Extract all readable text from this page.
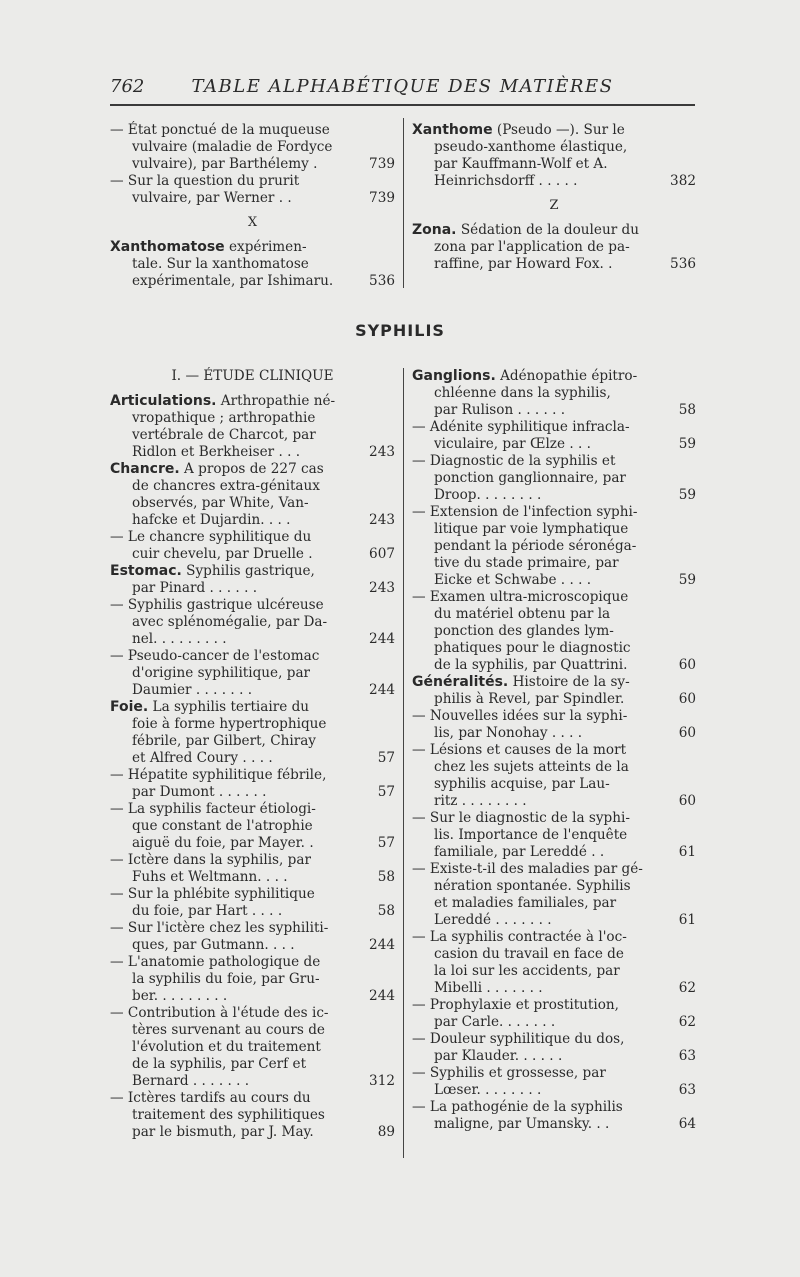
762	TABLE ALPHABÉTIQUE DES MATIÈRES
— État ponctué de la muqueuse
vulvaire (maladie de Fordyce
vulvaire), par Barthélemy .	739
— Sur la question du prurit
vulvaire, par Werner . .	739
X
Xanthomatose expérimen-
tale. Sur la xanthomatose
expérimentale, par Ishimaru.	536
Xanthome (Pseudo —). Sur le
pseudo-xanthome élastique,
par Kauffmann-Wolf et A.
Heinrichsdorff . . . . .	382
Z
Zona. Sédation de la douleur du
zona par l'application de pa-
raffine, par Howard Fox. .	536
SYPHILIS
I. — ÉTUDE CLINIQUE
Articulations. Arthropathie né-
vropathique ; arthropathie
vertébrale de Charcot, par
Ridlon et Berkheiser . . .	243
Chancre. A propos de 227 cas
de chancres extra-génitaux
observés, par White, Van-
hafcke et Dujardin. . . .	243
— Le chancre syphilitique du
cuir chevelu, par Druelle .	607
Estomac. Syphilis gastrique,
par Pinard . . . . . .	243
— Syphilis gastrique ulcéreuse
avec splénomégalie, par Da-
nel. . . . . . . . .	244
— Pseudo-cancer de l'estomac
d'origine syphilitique, par
Daumier . . . . . . .	244
Foie. La syphilis tertiaire du
foie à forme hypertrophique
fébrile, par Gilbert, Chiray
et Alfred Coury . . . .	57
— Hépatite syphilitique fébrile,
par Dumont . . . . . .	57
— La syphilis facteur étiologi-
que constant de l'atrophie
aiguë du foie, par Mayer. .	57
— Ictère dans la syphilis, par
Fuhs et Weltmann. . . .	58
— Sur la phlébite syphilitique
du foie, par Hart . . . .	58
— Sur l'ictère chez les syphiliti-
ques, par Gutmann. . . .	244
— L'anatomie pathologique de
la syphilis du foie, par Gru-
ber. . . . . . . . .	244
— Contribution à l'étude des ic-
tères survenant au cours de
l'évolution et du traitement
de la syphilis, par Cerf et
Bernard . . . . . . .	312
— Ictères tardifs au cours du
traitement des syphilitiques
par le bismuth, par J. May.	89
Ganglions. Adénopathie épitro-
chléenne dans la syphilis,
par Rulison . . . . . .	58
— Adénite syphilitique infracla-
viculaire, par Œlze . . .	59
— Diagnostic de la syphilis et
ponction ganglionnaire, par
Droop. . . . . . . .	59
— Extension de l'infection syphi-
litique par voie lymphatique
pendant la période séronéga-
tive du stade primaire, par
Eicke et Schwabe . . . .	59
— Examen ultra-microscopique
du matériel obtenu par la
ponction des glandes lym-
phatiques pour le diagnostic
de la syphilis, par Quattrini.	60
Généralités. Histoire de la sy-
philis à Revel, par Spindler.	60
— Nouvelles idées sur la syphi-
lis, par Nonohay . . . .	60
— Lésions et causes de la mort
chez les sujets atteints de la
syphilis acquise, par Lau-
ritz . . . . . . . .	60
— Sur le diagnostic de la syphi-
lis. Importance de l'enquête
familiale, par Lereddé . .	61
— Existe-t-il des maladies par gé-
nération spontanée. Syphilis
et maladies familiales, par
Lereddé . . . . . . .	61
— La syphilis contractée à l'oc-
casion du travail en face de
la loi sur les accidents, par
Mibelli . . . . . . .	62
— Prophylaxie et prostitution,
par Carle. . . . . . .	62
— Douleur syphilitique du dos,
par Klauder. . . . . .	63
— Syphilis et grossesse, par
Lœser. . . . . . . .	63
— La pathogénie de la syphilis
maligne, par Umansky. . .	64
